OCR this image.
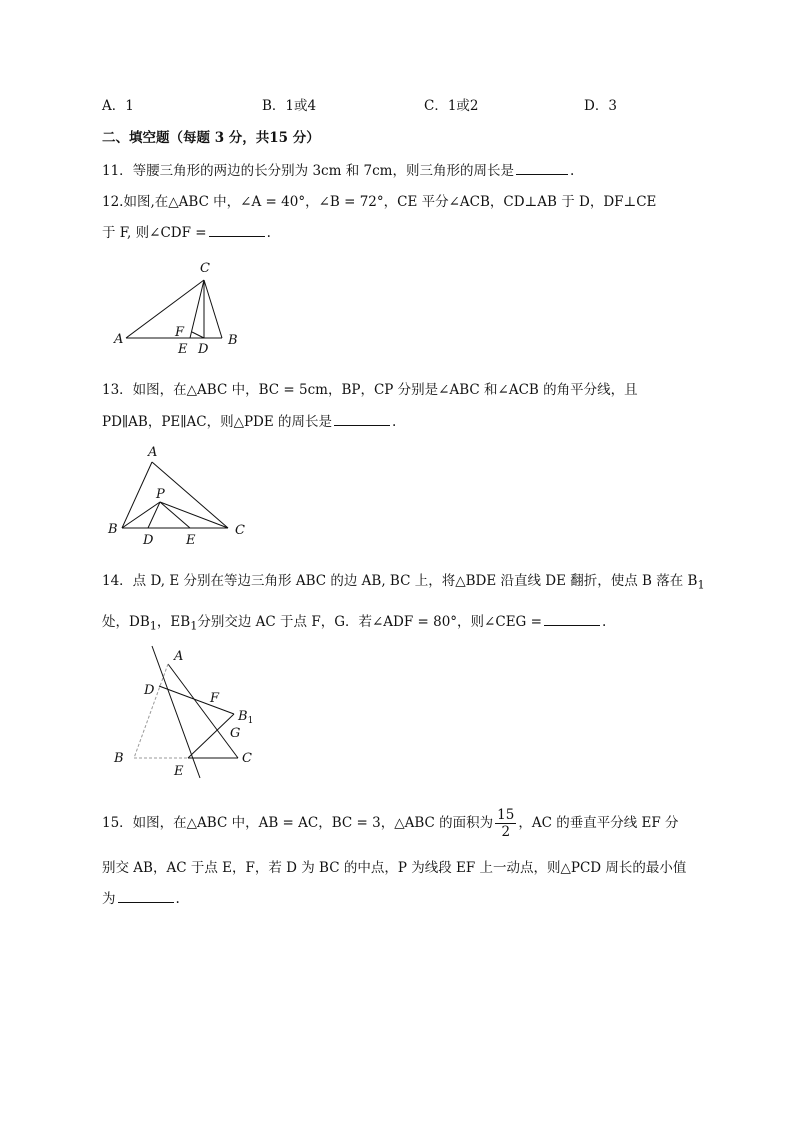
A．1	B．1或4	C．1或2	D．3
二、填空题（每题 3 分，共15 分）
11．等腰三角形的两边的长分别为 3cm 和 7cm，则三角形的周长是	.
12.如图,在△ABC 中，∠A = 40°，∠B = 72°，CE 平分∠ACB，CD⊥AB 于 D，DF⊥CE
于 F, 则∠CDF =	.
C
A	B
F
E D
13．如图，在△ABC 中，BC = 5cm，BP，CP 分别是∠ABC 和∠ACB 的角平分线，且
PD∥AB，PE∥AC，则△PDE 的周长是	.
A
P
B	C
D	E
14．点 D, E 分别在等边三角形 ABC 的边 AB, BC 上，将△BDE 沿直线 DE 翻折，使点 B 落在 $B_1$
处，$DB_1$，$EB_1$分别交边 AC 于点 F，G．若∠ADF = 80°，则∠CEG =	.
A
D
F
$B_1$
G
B	C
E
15．如图，在△ABC 中，AB = AC，BC = 3，△ABC 的面积为 $\frac{15}{2}$ ，AC 的垂直平分线 EF 分
别交 AB，AC 于点 E，F，若 D 为 BC 的中点，P 为线段 EF 上一动点，则△PCD 周长的最小值
为	.
